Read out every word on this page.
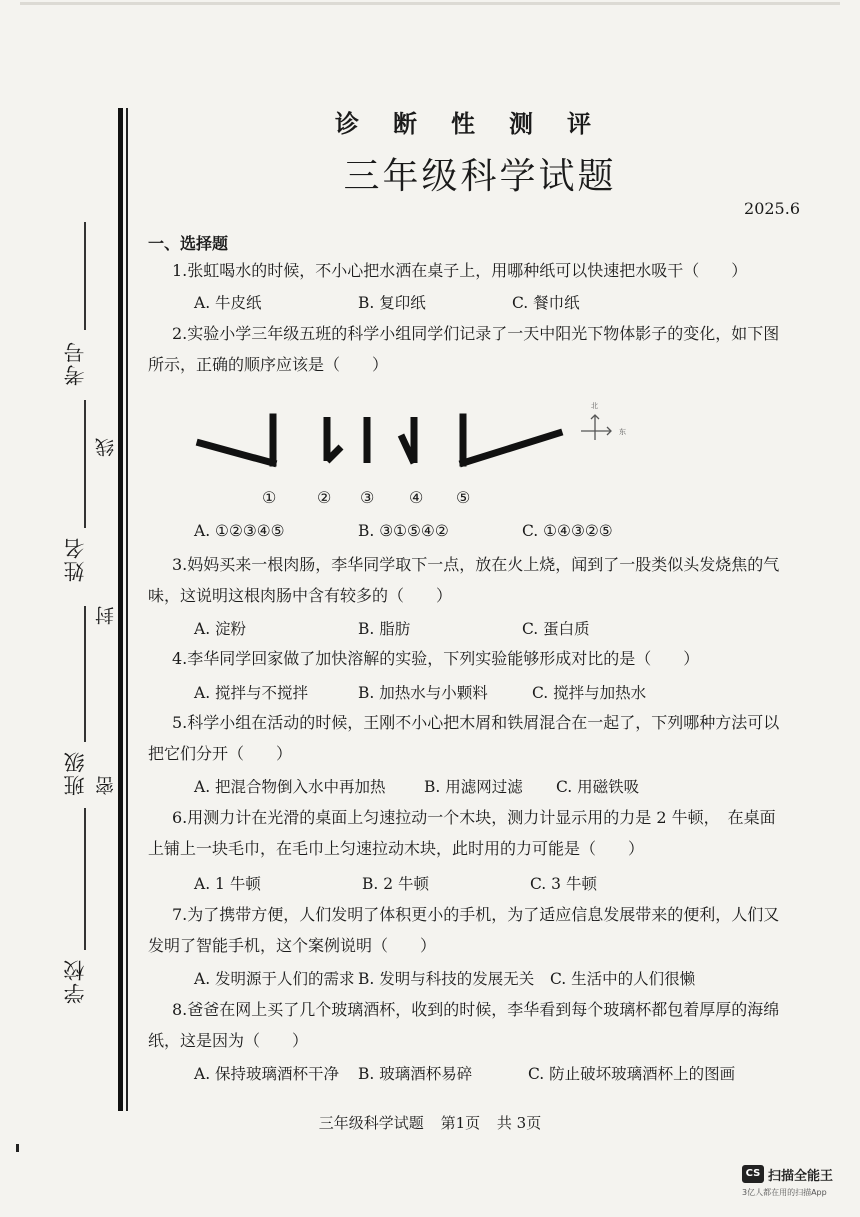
考号
姓名
班级
学校
线
封
密
诊断性测评
三年级科学试题
2025.6
一、选择题
1.张虹喝水的时候，不小心把水洒在桌子上，用哪种纸可以快速把水吸干（　　）
A. 牛皮纸	B. 复印纸	C. 餐巾纸
2.实验小学三年级五班的科学小组同学们记录了一天中阳光下物体影子的变化，如下图所示，正确的顺序应该是（　　）
北
东
①	② ③ ④ ⑤
A. ①②③④⑤	B. ③①⑤④②	C. ①④③②⑤
3.妈妈买来一根肉肠，李华同学取下一点，放在火上烧，闻到了一股类似头发烧焦的气味，这说明这根肉肠中含有较多的（　　）
A. 淀粉	B. 脂肪	C. 蛋白质
4.李华同学回家做了加快溶解的实验，下列实验能够形成对比的是（　　）
A. 搅拌与不搅拌	B. 加热水与小颗料	C. 搅拌与加热水
5.科学小组在活动的时候，王刚不小心把木屑和铁屑混合在一起了，下列哪种方法可以把它们分开（　　）
A. 把混合物倒入水中再加热 B. 用滤网过滤 C. 用磁铁吸
6.用测力计在光滑的桌面上匀速拉动一个木块，测力计显示用的力是 2 牛顿，　在桌面上铺上一块毛巾，在毛巾上匀速拉动木块，此时用的力可能是（　　）
A. 1 牛顿	B. 2 牛顿	C. 3 牛顿
7.为了携带方便，人们发明了体积更小的手机，为了适应信息发展带来的便利，人们又发明了智能手机，这个案例说明（　　）
A. 发明源于人们的需求 B. 发明与科技的发展无关 C. 生活中的人们很懒
8.爸爸在网上买了几个玻璃酒杯，收到的时候，李华看到每个玻璃杯都包着厚厚的海绵纸，这是因为（　　）
A. 保持玻璃酒杯干净 B. 玻璃酒杯易碎	C. 防止破坏玻璃酒杯上的图画
三年级科学试题 第1页 共 3页
CS 扫描全能王
3亿人都在用的扫描App
